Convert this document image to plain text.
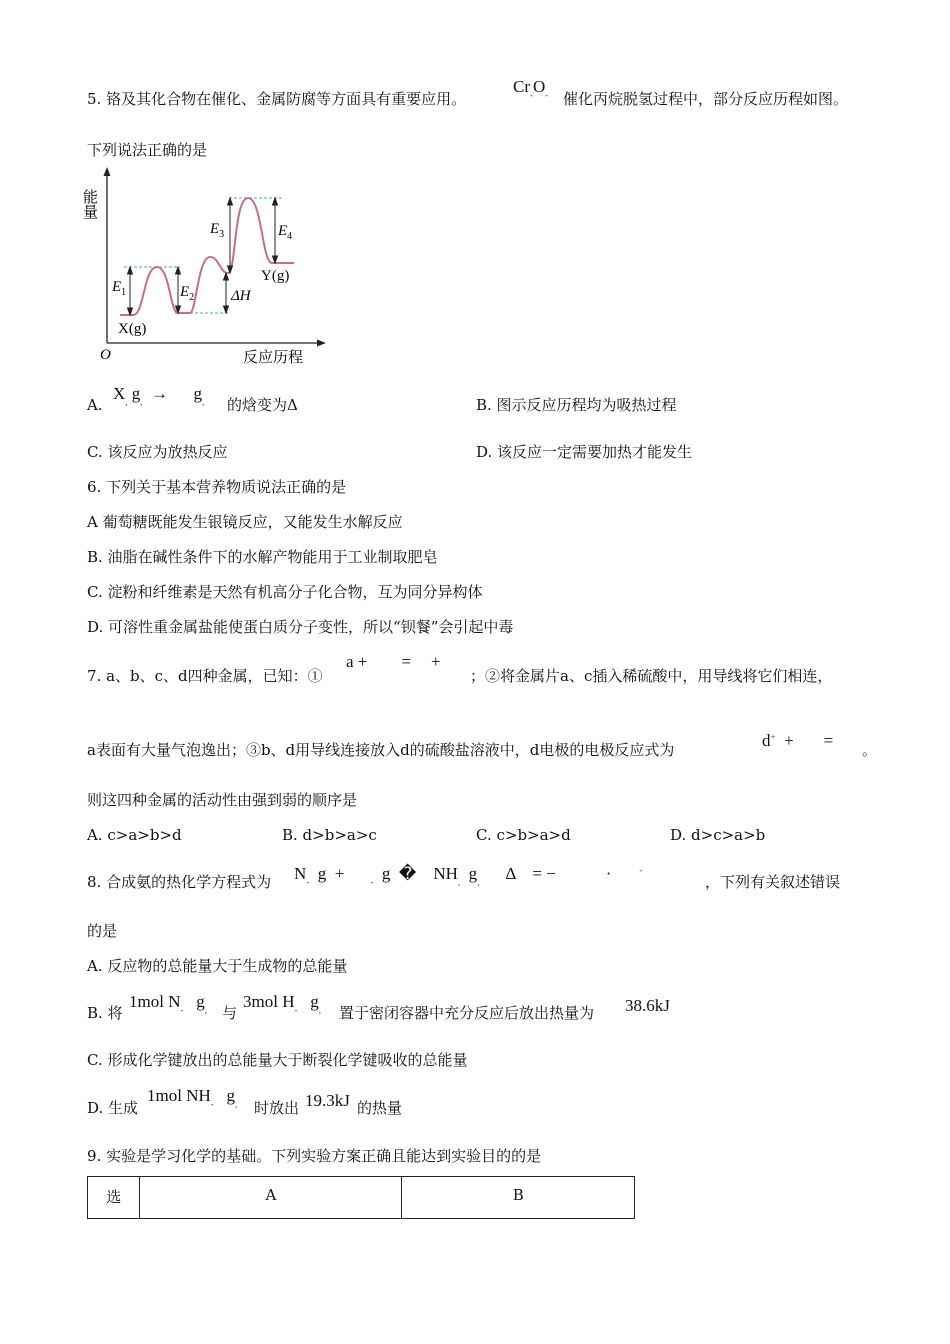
5. 铬及其化合物在催化、金属防腐等方面具有重要应用。
$Cr_-O_-$ 催化丙烷脱氢过程中，部分反应历程如图。
下列说法正确的是
能量
O	反应历程
$E_1$	$E_2$
$E_3$	$E_4$
ΔH
X(g)
Y(g)
A.
$X_,$ $g_, \to g_,$ 的焓变为Δ	B. 图示反应历程均为吸热过程
C. 该反应为放热反应	D. 该反应一定需要加热才能发生
6. 下列关于基本营养物质说法正确的是
A 葡萄糖既能发生银镜反应，又能发生水解反应
B. 油脂在碱性条件下的水解产物能用于工业制取肥皂
C. 淀粉和纤维素是天然有机高分子化合物，互为同分异构体
D. 可溶性重金属盐能使蛋白质分子变性，所以“钡餐”会引起中毒
7. a、b、c、d四种金属，已知：①
a + = +
；②将金属片a、c插入稀硫酸中，用导线将它们相连，
a表面有大量气泡逸出；③b、d用导线连接放入d的硫酸盐溶液中，d电极的电极反应式为	d+ + = 。
则这四种金属的活动性由强到弱的顺序是
A. c>a>b>d	B. d>b>a>c	C. c>b>a>d	D. d>c>a>b
8. 合成氨的热化学方程式为 $N_-$ g +	$_-$ g � $NH_,$ $g_,$ Δ = −	·	-
，下列有关叙述错误
的是
A. 反应物的总能量大于生成物的总能量
B. 将
1mol $N_-$ $g_,$ 与
3mol $H_-$ $g_,$ 置于密闭容器中充分反应后放出热量为 38.6kJ
C. 形成化学键放出的总能量大于断裂化学键吸收的总能量
D. 生成
1mol $NH_-$ $g_,$ 时放出 19.3kJ 的热量
9. 实验是学习化学的基础。下列实验方案正确且能达到实验目的的是
选	A	B
